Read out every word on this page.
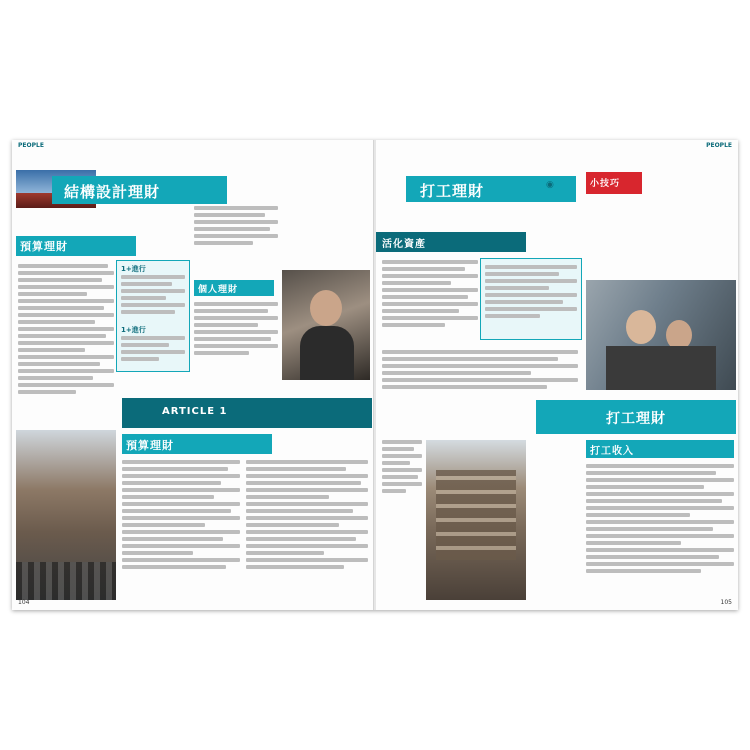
PEOPLE
結構設計理財
預算理財
1+進行
1+進行
個人理財
ARTICLE 1
預算理財
104
PEOPLE
打工理財	小技巧
活化資產
打工理財
打工收入
◉
105
